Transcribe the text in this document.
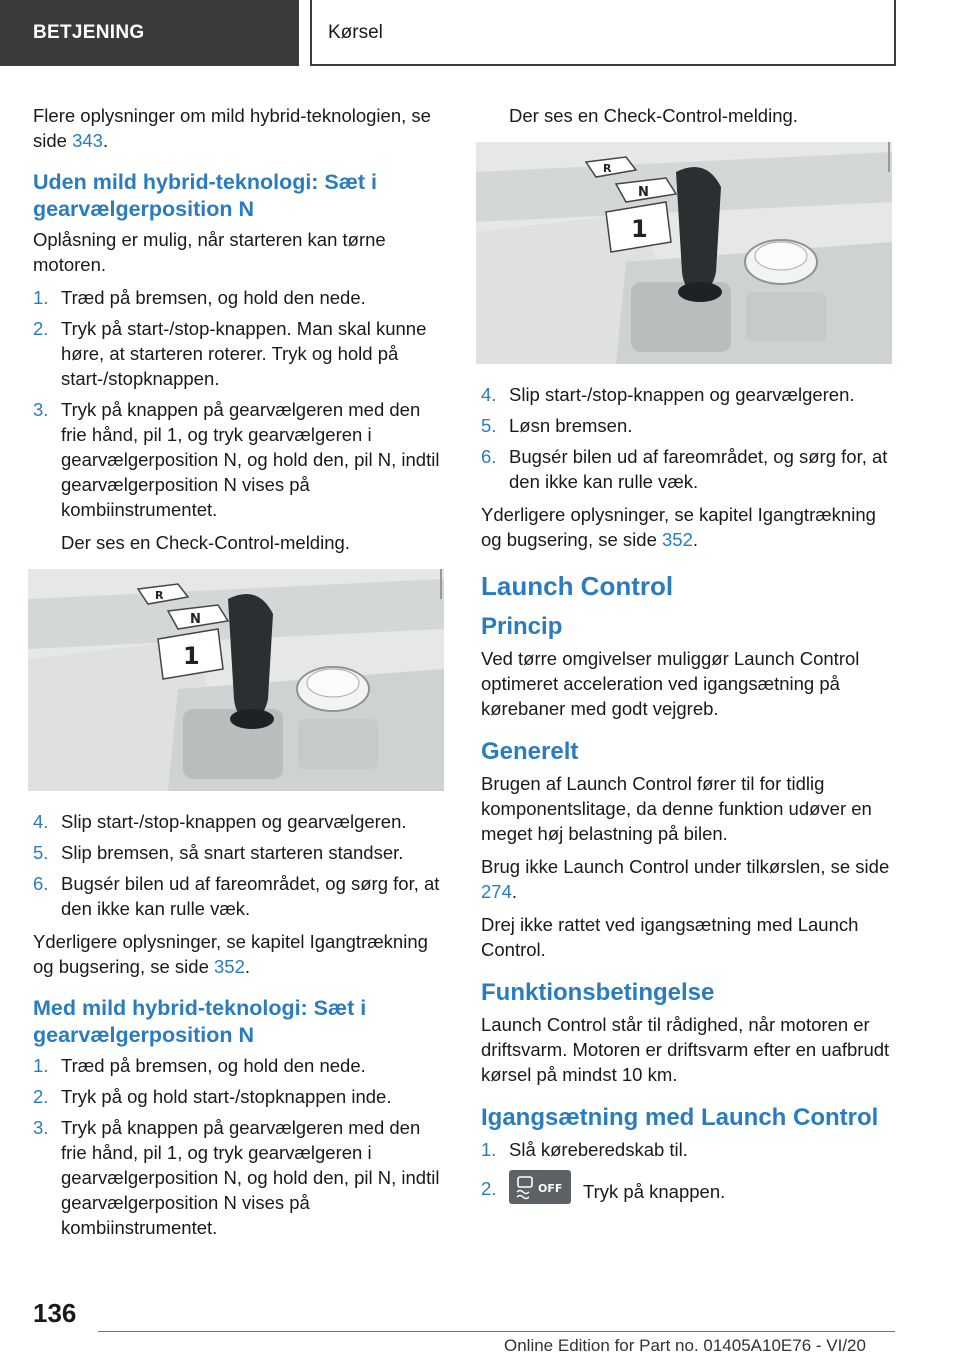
BETJENING	Kørsel

Flere oplysninger om mild hybrid-teknologien, se side 343.

Uden mild hybrid-teknologi: Sæt i gearvælgerposition N

Oplåsning er mulig, når starteren kan tørne motoren.

1. Træd på bremsen, og hold den nede.
2. Tryk på start-/stop-knappen. Man skal kunne høre, at starteren roterer. Tryk og hold på start-/stopknappen.
3. Tryk på knappen på gearvælgeren med den frie hånd, pil 1, og tryk gearvælgeren i gearvælgerposition N, og hold den, pil N, indtil gearvælgerposition N vises på kombiinstrumentet.
Der ses en Check-Control-melding.
R
N
1
4. Slip start-/stop-knappen og gearvælgeren.
5. Slip bremsen, så snart starteren standser.
6. Bugsér bilen ud af fareområdet, og sørg for, at den ikke kan rulle væk.

Yderligere oplysninger, se kapitel Igangtrækning og bugsering, se side 352.

Med mild hybrid-teknologi: Sæt i gearvælgerposition N
1. Træd på bremsen, og hold den nede.
2. Tryk på og hold start-/stopknappen inde.
3. Tryk på knappen på gearvælgeren med den frie hånd, pil 1, og tryk gearvælgeren i gearvælgerposition N, og hold den, pil N, indtil gearvælgerposition N vises på kombiinstrumentet.

Der ses en Check-Control-melding.

R
N
1
4. Slip start-/stop-knappen og gearvælgeren.
5. Løsn bremsen.
6. Bugsér bilen ud af fareområdet, og sørg for, at den ikke kan rulle væk.

Yderligere oplysninger, se kapitel Igangtrækning og bugsering, se side 352.

Launch Control
Princip

Ved tørre omgivelser muliggør Launch Control optimeret acceleration ved igangsætning på kørebaner med godt vejgreb.

Generelt

Brugen af Launch Control fører til for tidlig komponentslitage, da denne funktion udøver en meget høj belastning på bilen.

Brug ikke Launch Control under tilkørslen, se side 274.

Drej ikke rattet ved igangsætning med Launch Control.

Funktionsbetingelse

Launch Control står til rådighed, når motoren er driftsvarm. Motoren er driftsvarm efter en uafbrudt kørsel på mindst 10 km.

Igangsætning med Launch Control
1. Slå køreberedskab til.
2.	OFF Tryk på knappen.
136
Online Edition for Part no. 01405A10E76 - VI/20
